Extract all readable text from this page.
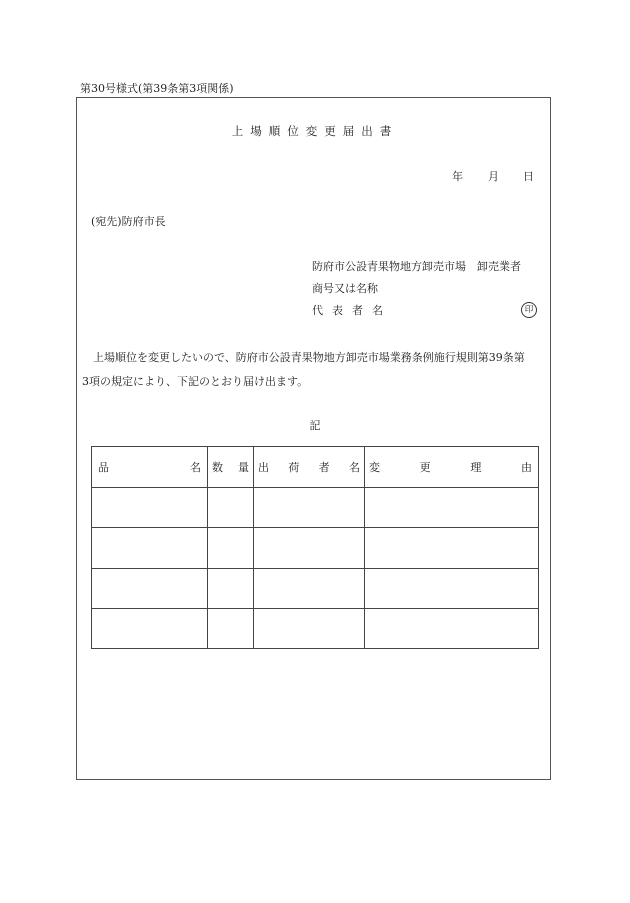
第30号様式(第39条第3項関係)
上場順位変更届出書
年 月 日
(宛先)防府市長
防府市公設青果物地方卸売市場　卸売業者
商号又は名称
代表者名	印
上場順位を変更したいので、防府市公設青果物地方卸売市場業務条例施行規則第39条第
3項の規定により、下記のとおり届け出ます。
記
品 名	数 量	出 荷 者 名	変 更 理 由
